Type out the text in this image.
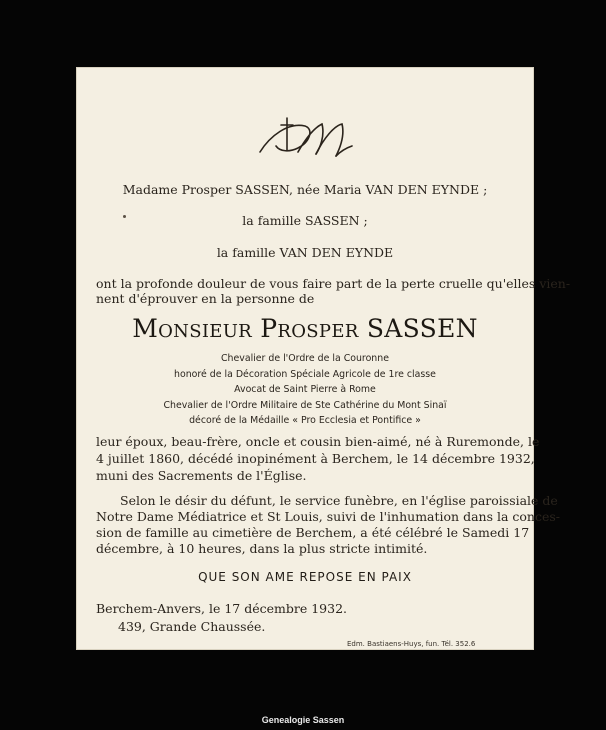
Madame Prosper SASSEN, née Maria VAN DEN EYNDE ;
la famille SASSEN ;
la famille VAN DEN EYNDE
ont la profonde douleur de vous faire part de la perte cruelle qu'elles vien-
nent d'éprouver en la personne de
Monsieur Prosper SASSEN
Chevalier de l'Ordre de la Couronne
honoré de la Décoration Spéciale Agricole de 1re classe
Avocat de Saint Pierre à Rome
Chevalier de l'Ordre Militaire de Ste Cathérine du Mont Sinaï
décoré de la Médaille « Pro Ecclesia et Pontifice »
leur époux, beau-frère, oncle et cousin bien-aimé, né à Ruremonde, le
4 juillet 1860, décédé inopinément à Berchem, le 14 décembre 1932,
muni des Sacrements de l'Église.
Selon le désir du défunt, le service funèbre, en l'église paroissiale de
Notre Dame Médiatrice et St Louis, suivi de l'inhumation dans la conces-
sion de famille au cimetière de Berchem, a été célébré le Samedi 17
décembre, à 10 heures, dans la plus stricte intimité.
QUE SON AME REPOSE EN PAIX
Berchem-Anvers, le 17 décembre 1932.
439, Grande Chaussée.
Edm. Bastiaens-Huys, fun. Tél. 352.6
Genealogie Sassen
